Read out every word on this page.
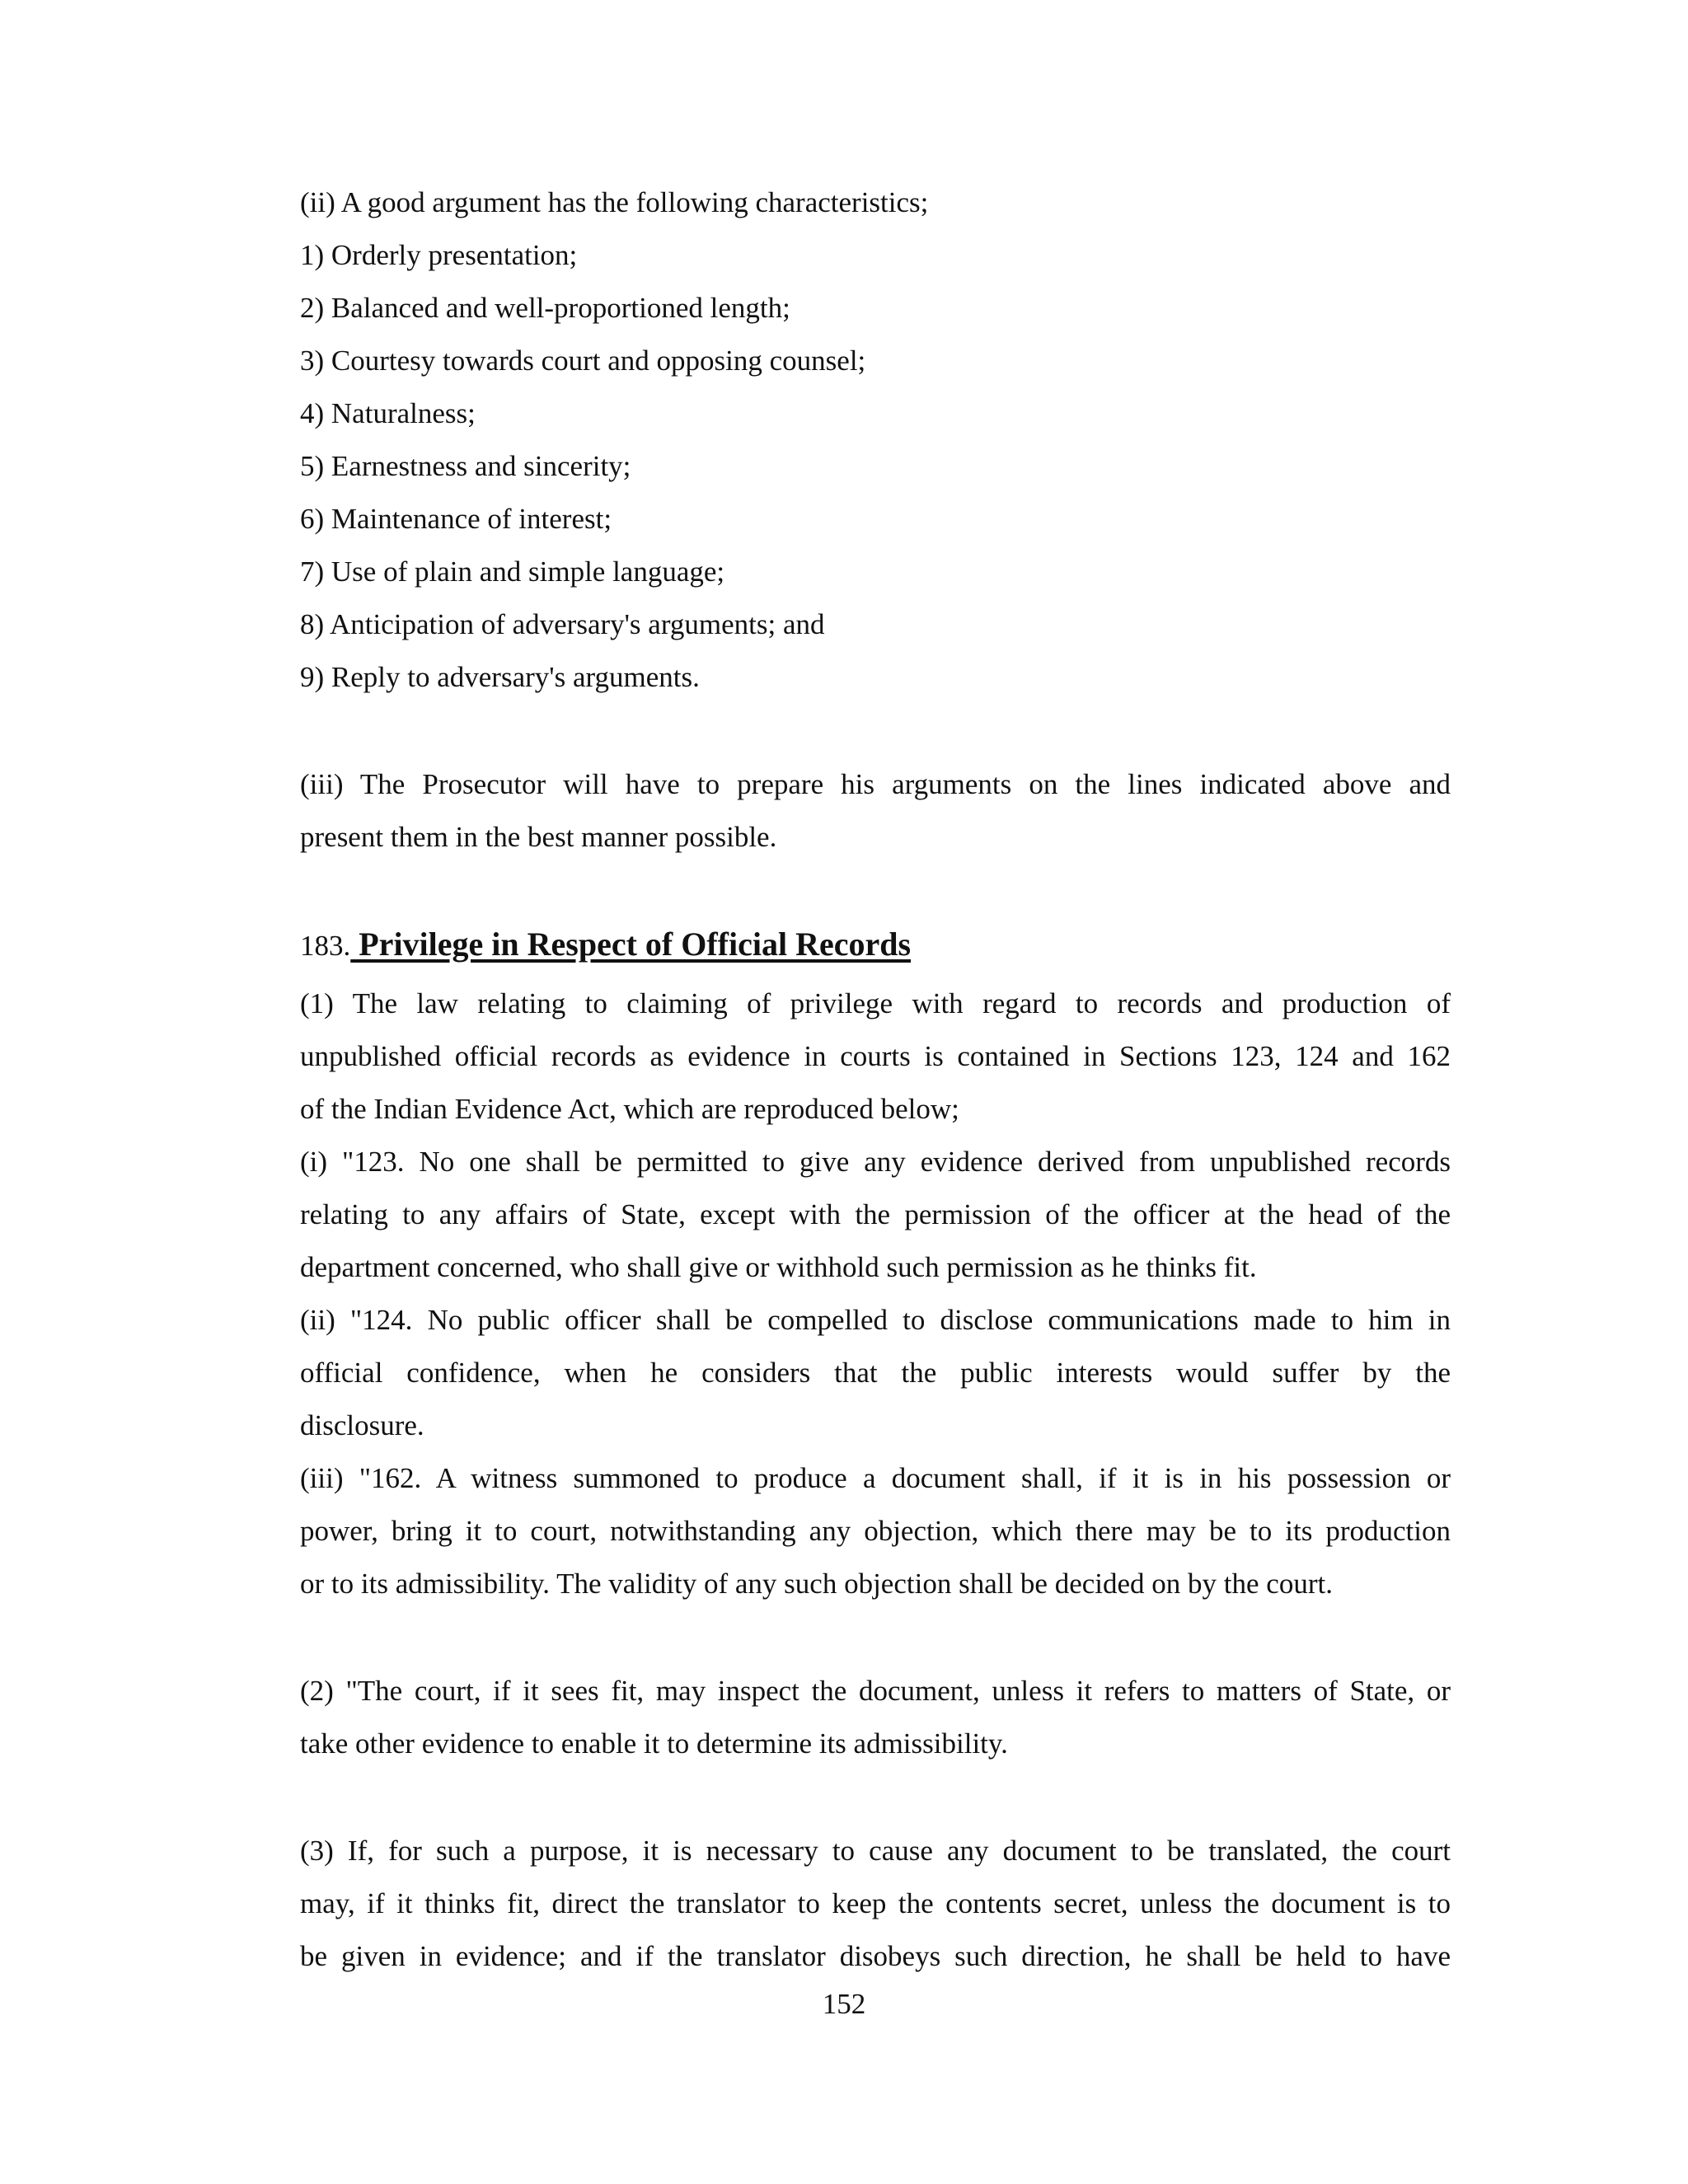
(ii) A good argument has the following characteristics;
1) Orderly presentation;
2) Balanced and well-proportioned length;
3) Courtesy towards court and opposing counsel;
4) Naturalness;
5) Earnestness and sincerity;
6) Maintenance of interest;
7) Use of plain and simple language;
8) Anticipation of adversary's arguments; and
9) Reply to adversary's arguments.
(iii) The Prosecutor will have to prepare his arguments on the lines indicated above and
present them in the best manner possible.
183. Privilege in Respect of Official Records
(1) The law relating to claiming of privilege with regard to records and production of
unpublished official records as evidence in courts is contained in Sections 123, 124 and 162
of the Indian Evidence Act, which are reproduced below;
(i) "123. No one shall be permitted to give any evidence derived from unpublished records
relating to any affairs of State, except with the permission of the officer at the head of the
department concerned, who shall give or withhold such permission as he thinks fit.
(ii) "124. No public officer shall be compelled to disclose communications made to him in
official confidence, when he considers that the public interests would suffer by the
disclosure.
(iii) "162. A witness summoned to produce a document shall, if it is in his possession or
power, bring it to court, notwithstanding any objection, which there may be to its production
or to its admissibility. The validity of any such objection shall be decided on by the court.
(2) "The court, if it sees fit, may inspect the document, unless it refers to matters of State, or
take other evidence to enable it to determine its admissibility.
(3) If, for such a purpose, it is necessary to cause any document to be translated, the court
may, if it thinks fit, direct the translator to keep the contents secret, unless the document is to
be given in evidence; and if the translator disobeys such direction, he shall be held to have
152
